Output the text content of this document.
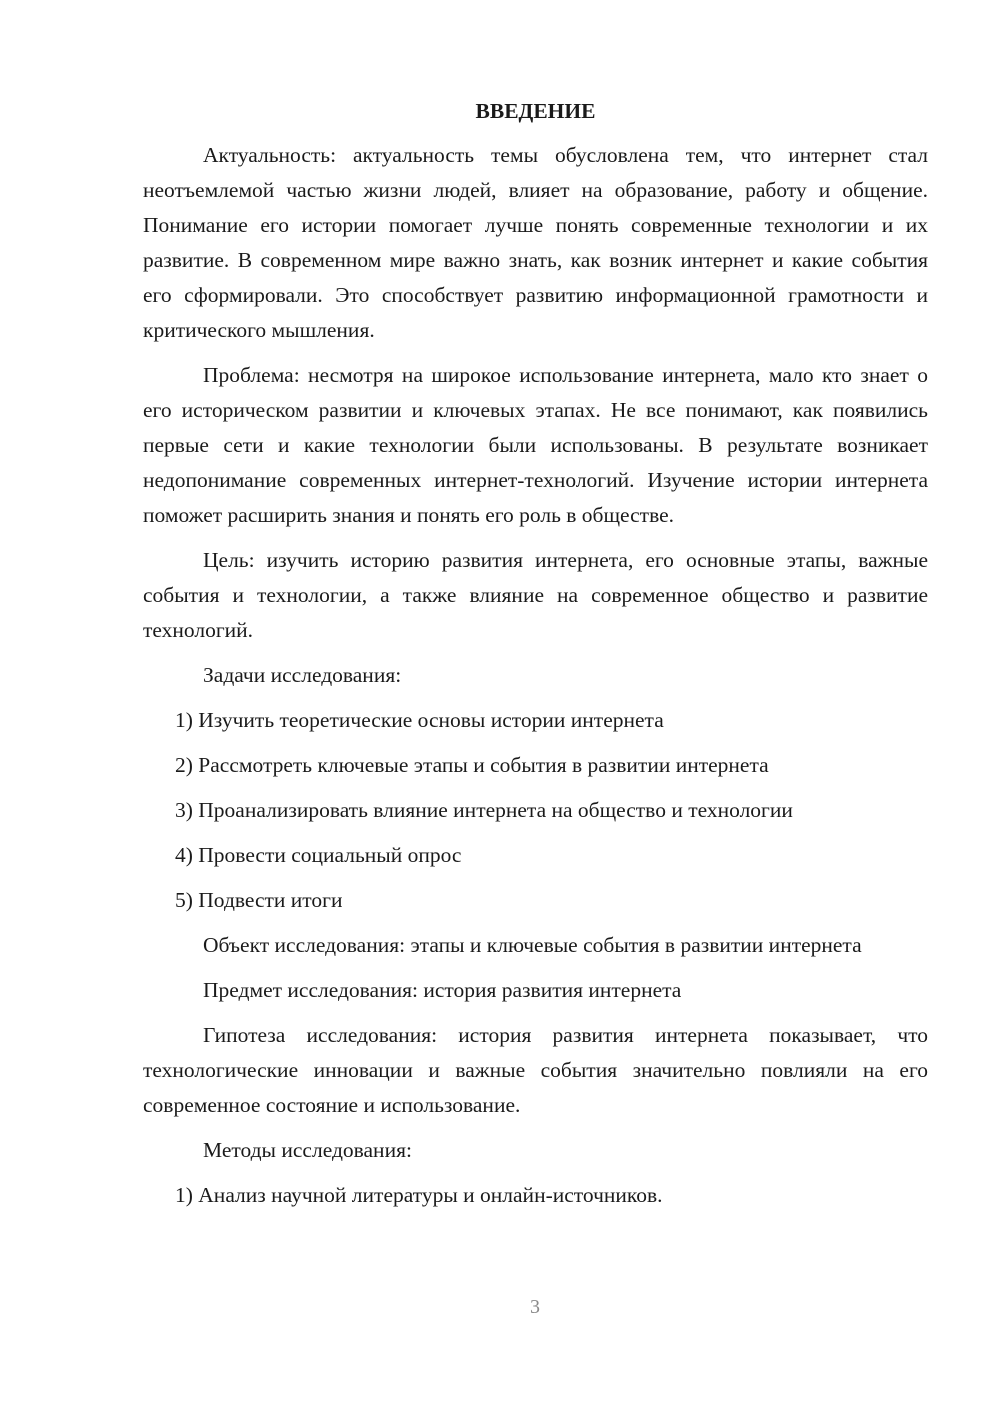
ВВЕДЕНИЕ

Актуальность: актуальность темы обусловлена тем, что интернет стал неотъемлемой частью жизни людей, влияет на образование, работу и общение. Понимание его истории помогает лучше понять современные технологии и их развитие. В современном мире важно знать, как возник интернет и какие события его сформировали. Это способствует развитию информационной грамотности и критического мышления.

Проблема: несмотря на широкое использование интернета, мало кто знает о его историческом развитии и ключевых этапах. Не все понимают, как появились первые сети и какие технологии были использованы. В результате возникает недопонимание современных интернет-технологий. Изучение истории интернета поможет расширить знания и понять его роль в обществе.

Цель: изучить историю развития интернета, его основные этапы, важные события и технологии, а также влияние на современное общество и развитие технологий.

Задачи исследования:

1) Изучить теоретические основы истории интернета

2) Рассмотреть ключевые этапы и события в развитии интернета

3) Проанализировать влияние интернета на общество и технологии

4) Провести социальный опрос

5) Подвести итоги

Объект исследования: этапы и ключевые события в развитии интернета

Предмет исследования: история развития интернета

Гипотеза исследования: история развития интернета показывает, что технологические инновации и важные события значительно повлияли на его современное состояние и использование.

Методы исследования:

1) Анализ научной литературы и онлайн-источников.

3
